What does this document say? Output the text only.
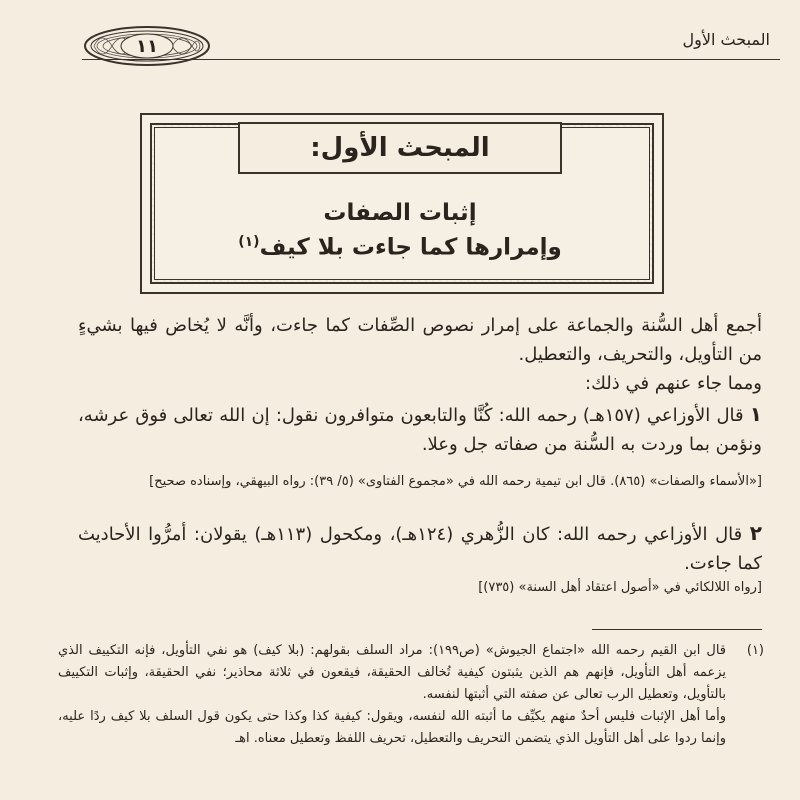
المبحث الأول
١١
المبحث الأول:
إثبات الصفات
وإمرارها كما جاءت بلا كيف$^{(١)}$
أجمع أهل السُّنة والجماعة على إمرار نصوص الصِّفات كما جاءت، وأنَّه لا يُخاض فيها بشيءٍ من التأويل، والتحريف، والتعطيل.
ومما جاء عنهم في ذلك:
١ قال الأوزاعي (١٥٧هـ) رحمه الله: كُنَّا والتابعون متوافرون نقول: إن الله تعالى فوق عرشه، ونؤمن بما وردت به السُّنة من صفاته جل وعلا.
[«الأسماء والصفات» (٨٦٥). قال ابن تيمية رحمه الله في «مجموع الفتاوى» (٥/ ٣٩): رواه البيهقي، وإسناده صحيح]
٢ قال الأوزاعي رحمه الله: كان الزُّهري (١٢٤هـ)، ومكحول (١١٣هـ) يقولان: أمرُّوا الأحاديث كما جاءت.
[رواه اللالكائي في «أصول اعتقاد أهل السنة» (٧٣٥)]
(١)
قال ابن القيم رحمه الله «اجتماع الجيوش» (ص١٩٩): مراد السلف بقولهم: (بلا كيف) هو نفي التأويل، فإنه التكييف الذي يزعمه أهل التأويل، فإنهم هم الذين يثبتون كيفية تُخالف الحقيقة، فيقعون في ثلاثة محاذير؛ نفي الحقيقة، وإثبات التكييف بالتأويل، وتعطيل الرب تعالى عن صفته التي أثبتها لنفسه.
وأما أهل الإثبات فليس أحدٌ منهم يكيِّف ما أثبته الله لنفسه، ويقول: كيفية كذا وكذا حتى يكون قول السلف بلا كيف ردًا عليه، وإنما ردوا على أهل التأويل الذي يتضمن التحريف والتعطيل، تحريف اللفظ وتعطيل معناه. اهـ
